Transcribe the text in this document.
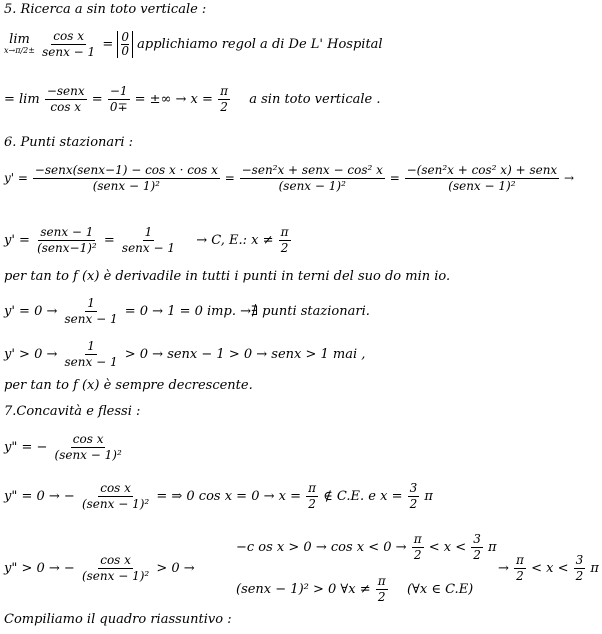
5. Ricerca a sin toto verticale :
lim
x→π/2±
$\frac{\text{cos x}}{\text{senx − 1}} = \frac{0}{0}$ applichiamo regol a di De L' Hospital
= $\lim \frac{\text{−senx}}{\text{cos x}} = \frac{-1}{0\mp}$ = ±∞ → $x = \frac{\pi}{2}$ a sin toto verticale .
6. Punti stazionari :
$y' = \frac{\text{−senx(senx−1) − cos x · cos x}}{\text{(senx − 1)²}} = \frac{\text{−sen²x + senx − cos² x}}{\text{(senx − 1)²}} = \frac{\text{−(sen²x + cos² x) + senx}}{\text{(senx − 1)²}}$ →
$y' = \frac{\text{senx − 1}}{\text{(senx−1)²}} = \frac{1}{\text{senx − 1}} \to C$, E.: $x \ne \frac{\pi}{2}$
per tan to f (x) è derivadile in tutti i punti in terni del suo do min io.
$y' = 0 \to \frac{1}{\text{senx − 1}} = 0 \to 1 = 0$ imp. →∄ punti stazionari.
$y' > 0 \to \frac{1}{\text{senx − 1}} > 0$ → senx − 1 > 0 → senx > 1 mai ,
per tan to f (x) è sempre decrescente.
7.Concavità e flessi :
y" = − $\frac{\text{cos x}}{\text{(senx − 1)²}}$
y" = 0 → − $\frac{\text{cos x}}{\text{(senx − 1)²}}$ = ⇒ 0 $\cos x = 0 \to x = \frac{\pi}{2}$ ∉ C.E. e $x = \frac{3}{2}$ π
y" > 0 → − $\frac{\text{cos x}}{\text{(senx − 1)²}} > 0$ →
−c os $x > 0 \to \cos x < 0 \to \frac{\pi}{2} < x < \frac{3}{2}$ π
(senx − 1)² > 0 ∀x ≠ $\frac{\pi}{2}$ (∀x ∈ C.E)
→ $\frac{\pi}{2} < x < \frac{3}{2}$ π
Compiliamo il quadro riassuntivo :
